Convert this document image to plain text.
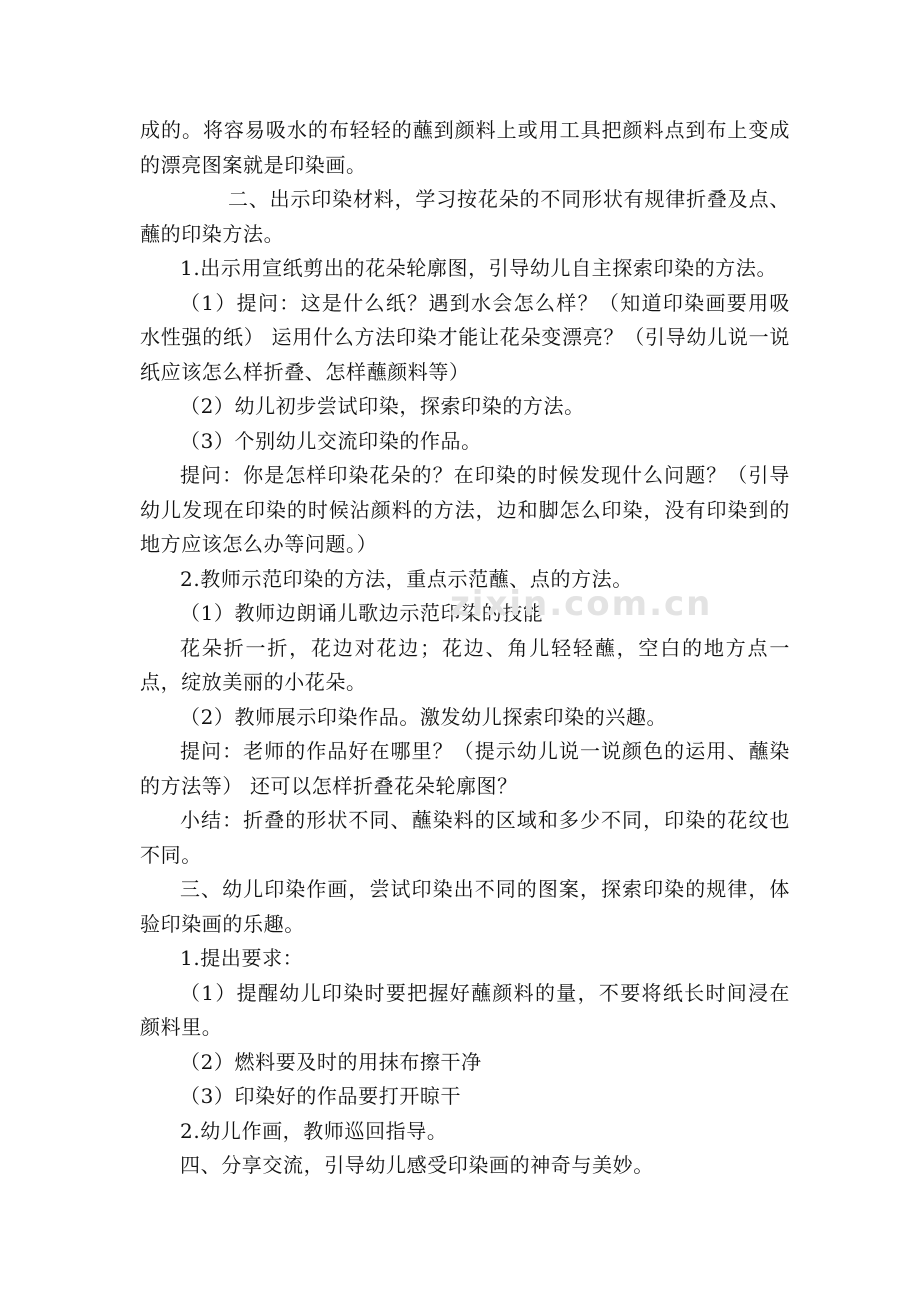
成的。将容易吸水的布轻轻的蘸到颜料上或用工具把颜料点到布上变成的漂亮图案就是印染画。

二、出示印染材料，学习按花朵的不同形状有规律折叠及点、蘸的印染方法。

1.出示用宣纸剪出的花朵轮廓图，引导幼儿自主探索印染的方法。

（1）提问：这是什么纸？遇到水会怎么样？（知道印染画要用吸水性强的纸） 运用什么方法印染才能让花朵变漂亮？（引导幼儿说一说纸应该怎么样折叠、怎样蘸颜料等）

（2）幼儿初步尝试印染，探索印染的方法。

（3）个别幼儿交流印染的作品。

提问：你是怎样印染花朵的？在印染的时候发现什么问题？（引导幼儿发现在印染的时候沾颜料的方法，边和脚怎么印染，没有印染到的地方应该怎么办等问题。）

2.教师示范印染的方法，重点示范蘸、点的方法。

（1）教师边朗诵儿歌边示范印染的技能

花朵折一折，花边对花边；花边、角儿轻轻蘸，空白的地方点一点，绽放美丽的小花朵。

（2）教师展示印染作品。激发幼儿探索印染的兴趣。

提问：老师的作品好在哪里？（提示幼儿说一说颜色的运用、蘸染的方法等） 还可以怎样折叠花朵轮廓图？

小结：折叠的形状不同、蘸染料的区域和多少不同，印染的花纹也不同。

三、幼儿印染作画，尝试印染出不同的图案，探索印染的规律，体验印染画的乐趣。

1.提出要求：

（1）提醒幼儿印染时要把握好蘸颜料的量，不要将纸长时间浸在颜料里。

（2）燃料要及时的用抹布擦干净

（3）印染好的作品要打开晾干

2.幼儿作画，教师巡回指导。

四、分享交流，引导幼儿感受印染画的神奇与美妙。

zixin.com.cn
